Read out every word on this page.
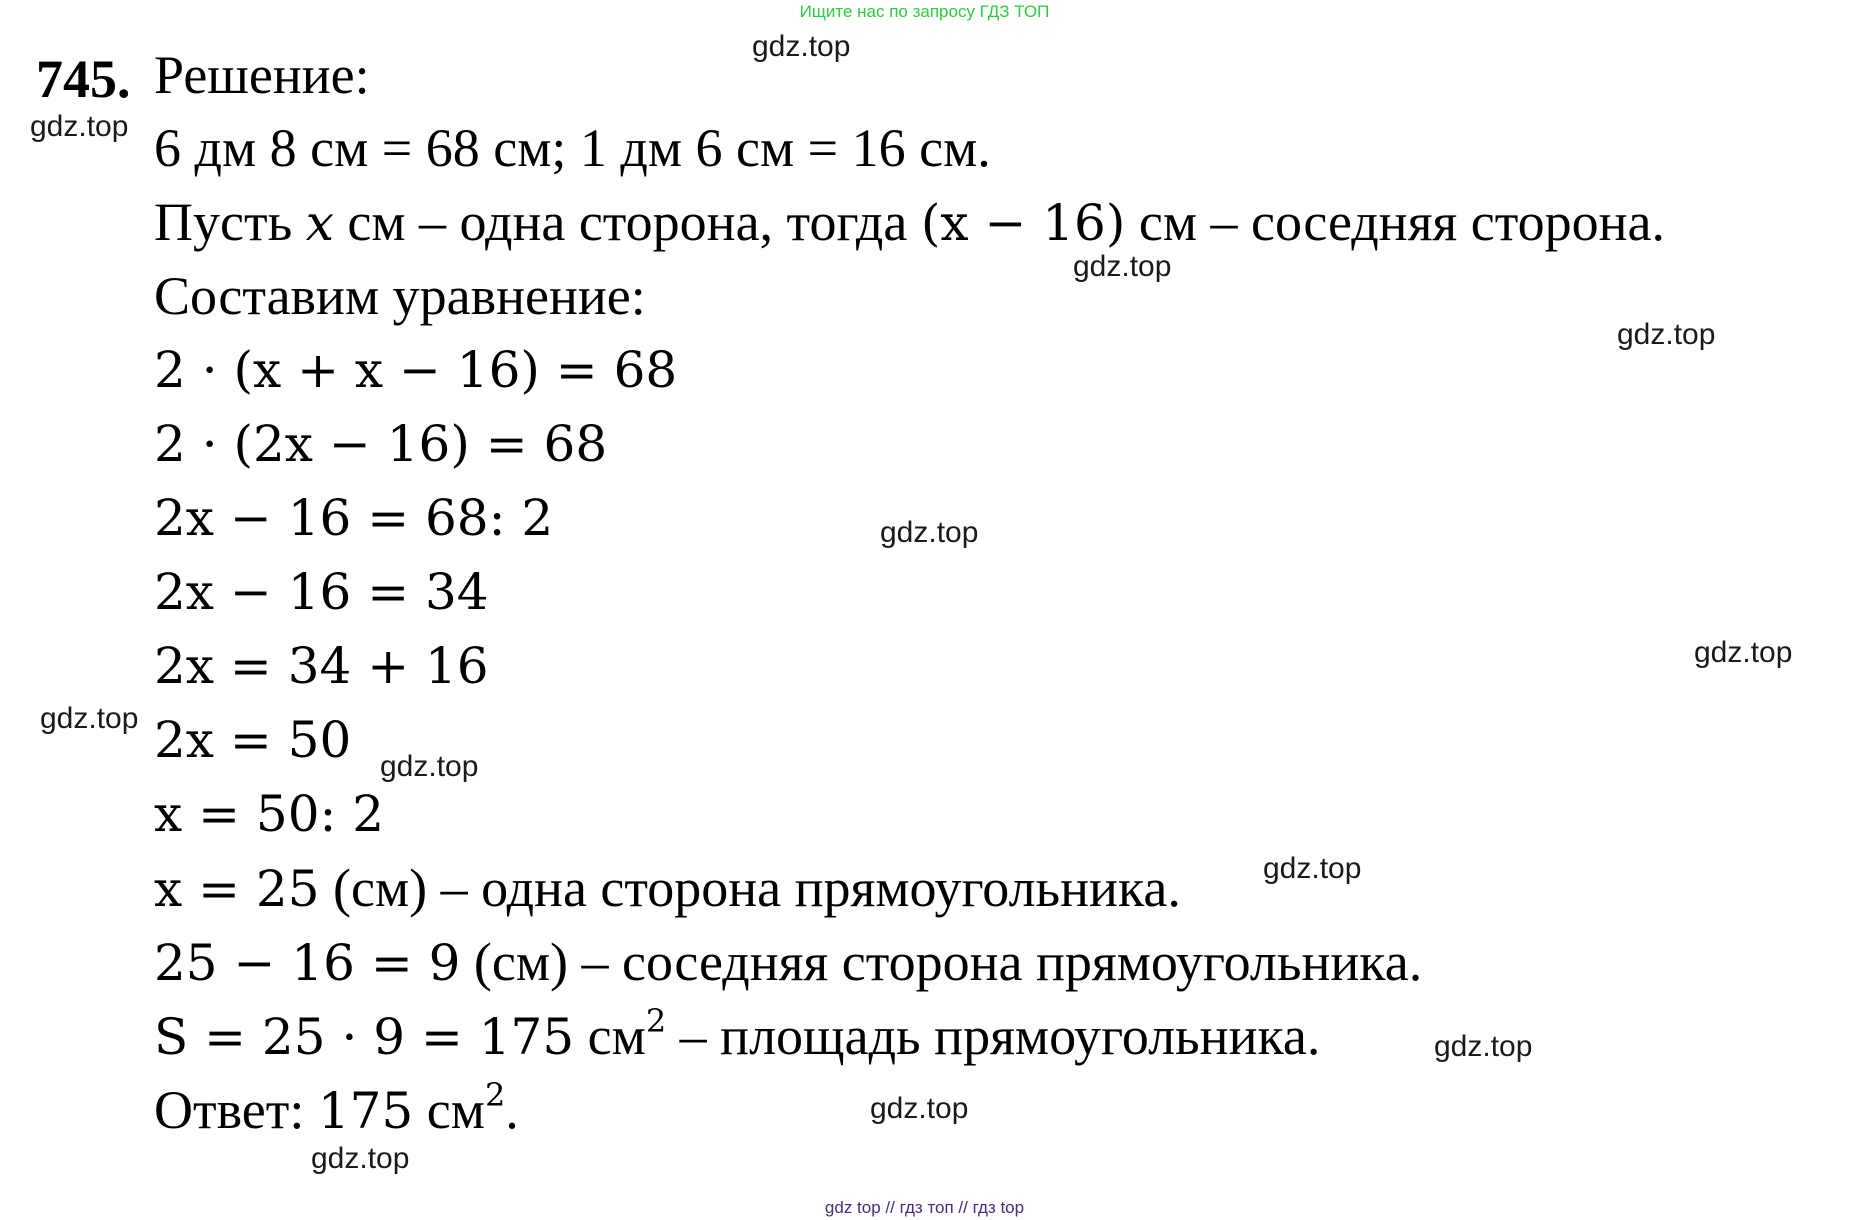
Ищите нас по запросу ГДЗ ТОП
745. Решение:
6 дм 8 см = 68 см; 1 дм 6 см = 16 см.
Пусть x см – одна сторона, тогда (x − 16) см – соседняя сторона.
Составим уравнение:
2 · (x + x − 16) = 68
2 · (2x − 16) = 68
2x − 16 = 68: 2
2x − 16 = 34
2x = 34 + 16
2x = 50
x = 50: 2
x = 25 (см) – одна сторона прямоугольника.
25 − 16 = 9 (см) – соседняя сторона прямоугольника.
S = 25 · 9 = 175 $см^2$ – площадь прямоугольника.
Ответ: 175 $см^2$.
gdz.top
gdz.top
gdz.top
gdz.top
gdz.top
gdz.top
gdz.top
gdz.top
gdz.top
gdz.top
gdz.top
gdz.top
gdz top // гдз топ // гдз top
